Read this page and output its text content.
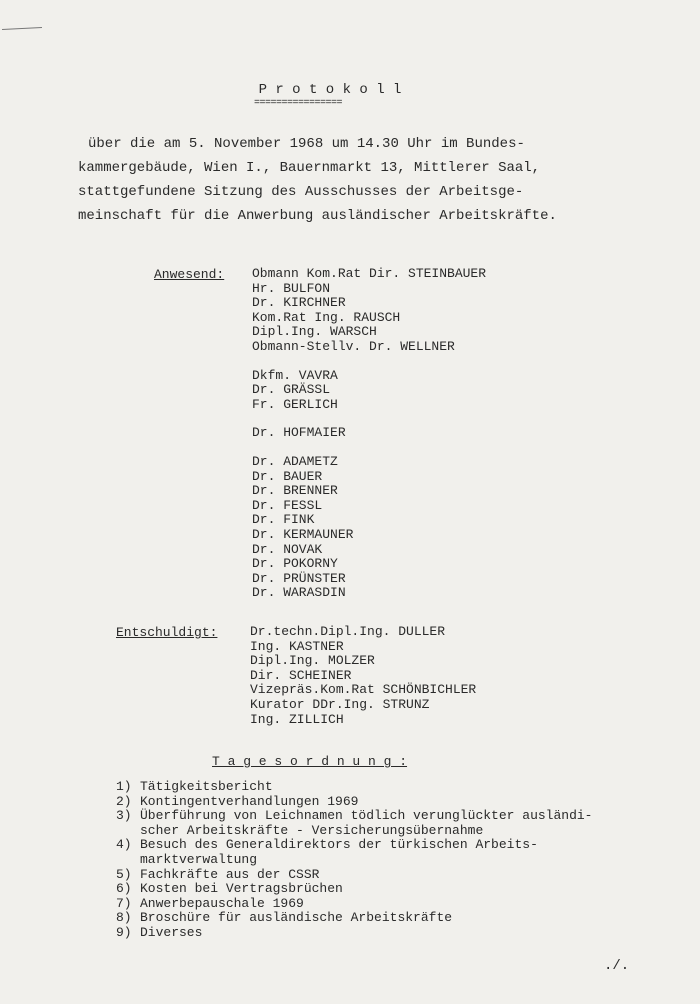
P r o t o k o l l
================
über die am 5. November 1968 um 14.30 Uhr im Bundes-
kammergebäude, Wien I., Bauernmarkt 13, Mittlerer Saal,
stattgefundene Sitzung des Ausschusses der Arbeitsge-
meinschaft für die Anwerbung ausländischer Arbeitskräfte.
Anwesend: Obmann Kom.Rat Dir. STEINBAUER
Hr. BULFON
Dr. KIRCHNER
Kom.Rat Ing. RAUSCH
Dipl.Ing. WARSCH
Obmann-Stellv. Dr. WELLNER
Dkfm. VAVRA
Dr. GRÄSSL
Fr. GERLICH
Dr. HOFMAIER
Dr. ADAMETZ
Dr. BAUER
Dr. BRENNER
Dr. FESSL
Dr. FINK
Dr. KERMAUNER
Dr. NOVAK
Dr. POKORNY
Dr. PRÜNSTER
Dr. WARASDIN
Entschuldigt:	Dr.techn.Dipl.Ing. DULLER
Ing. KASTNER
Dipl.Ing. MOLZER
Dir. SCHEINER
Vizepräs.Kom.Rat SCHÖNBICHLER
Kurator DDr.Ing. STRUNZ
Ing. ZILLICH
T a g e s o r d n u n g :
1) Tätigkeitsbericht
2) Kontingentverhandlungen 1969
3) Überführung von Leichnamen tödlich verunglückter ausländi-
scher Arbeitskräfte - Versicherungsübernahme
4) Besuch des Generaldirektors der türkischen Arbeits-
marktverwaltung
5) Fachkräfte aus der CSSR
6) Kosten bei Vertragsbrüchen
7) Anwerbepauschale 1969
8) Broschüre für ausländische Arbeitskräfte
9) Diverses
./.
